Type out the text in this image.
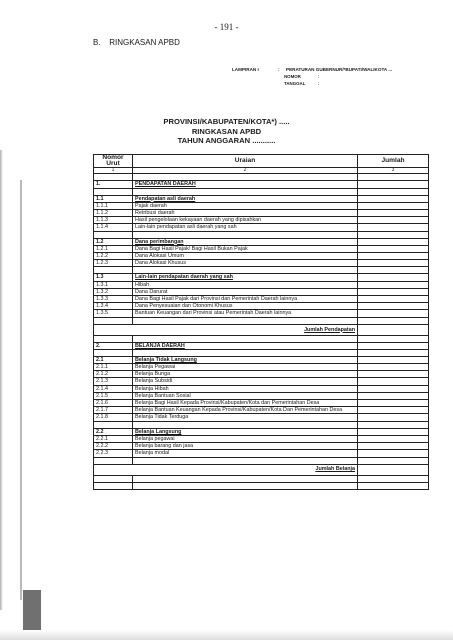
- 191 -
B. RINGKASAN APBD
LAMPIRAN I	:	PERATURAN GUBERNUR/*BUPATI/WALIKOTA ...
NOMOR	:
TANGGAL	:
PROVINSI/KABUPATEN/KOTA*) .....
RINGKASAN APBD
TAHUN ANGGARAN ...........
Nomor Urut	Uraian	Jumlah
1	2	3

1.	PENDAPATAN DAERAH	

1.1	Pendapatan asli daerah	
1.1.1	Pajak daerah	
1.1.2	Retribusi daerah	
1.1.3	Hasil pengelolaan kekayaan daerah yang dipisahkan	
1.1.4	Lain-lain pendapatan asli daerah yang sah	

1.2	Dana perimbangan	
1.2.1	Dana Bagi Hasil Pajak/ Bagi Hasil Bukan Pajak	
1.2.2	Dana Alokasi Umum	
1.2.3	Dana Alokasi Khusus	

1.3	Lain-lain pendapatan daerah yang sah	
1.3.1	Hibah	
1.3.2	Dana Darurat	
1.3.3	Dana Bagi Hasil Pajak dari Provinsi dan Pemerintah Daerah lainnya	
1.3.4	Dana Penyesuaian dan Otonomi Khusus	
1.3.5	Bantuan Keuangan dari Provinsi atau Pemerintah Daerah lainnya	

Jumlah Pendapatan		

2.	BELANJA DAERAH	

2.1	Belanja Tidak Langsung	
2.1.1	Belanja Pegawai	
2.1.2	Belanja Bunga	
2.1.3	Belanja Subsidi	
2.1.4	Belanja Hibah	
2.1.5	Belanja Bantuan Sosial	
2.1.6	Belanja Bagi Hasil Kepada Provinsi/Kabupaten/Kota dan Pemerintahan Desa	
2.1.7	Belanja Bantuan Keuangan Kepada Provinsi/Kabupaten/Kota Dan Pemerintahan Desa	
2.1.8	Belanja Tidak Terduga	

2.2	Belanja Langsung	
2.2.1	Belanja pegawai	
2.2.2	Belanja barang dan jasa	
2.2.3	Belanja modal	

Jumlah Belanja		
